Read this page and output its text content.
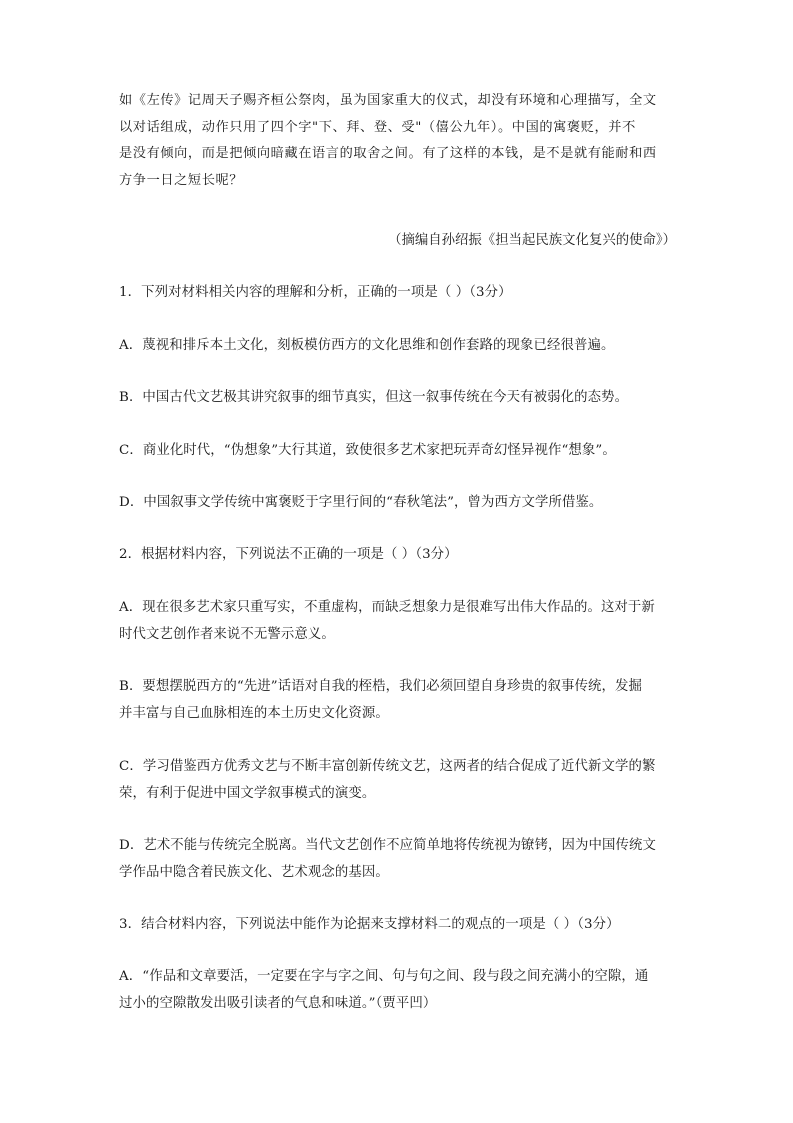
如《左传》记周天子赐齐桓公祭肉，虽为国家重大的仪式，却没有环境和心理描写，全文
以对话组成，动作只用了四个字"下、拜、登、受"（僖公九年）。中国的寓褒贬，并不
是没有倾向，而是把倾向暗藏在语言的取舍之间。有了这样的本钱，是不是就有能耐和西
方争一日之短长呢？

（摘编自孙绍振《担当起民族文化复兴的使命》）

1．下列对材料相关内容的理解和分析，正确的一项是（ ）（3分）

A．蔑视和排斥本土文化，刻板模仿西方的文化思维和创作套路的现象已经很普遍。

B．中国古代文艺极其讲究叙事的细节真实，但这一叙事传统在今天有被弱化的态势。

C．商业化时代，“伪想象”大行其道，致使很多艺术家把玩弄奇幻怪异视作“想象”。

D．中国叙事文学传统中寓褒贬于字里行间的“春秋笔法”，曾为西方文学所借鉴。

2．根据材料内容，下列说法不正确的一项是（ ）（3分）

A．现在很多艺术家只重写实，不重虚构，而缺乏想象力是很难写出伟大作品的。这对于新
时代文艺创作者来说不无警示意义。
B．要想摆脱西方的“先进”话语对自我的桎梏，我们必须回望自身珍贵的叙事传统，发掘
并丰富与自己血脉相连的本土历史文化资源。
C．学习借鉴西方优秀文艺与不断丰富创新传统文艺，这两者的结合促成了近代新文学的繁
荣，有利于促进中国文学叙事模式的演变。
D．艺术不能与传统完全脱离。当代文艺创作不应简单地将传统视为镣铐，因为中国传统文
学作品中隐含着民族文化、艺术观念的基因。

3．结合材料内容，下列说法中能作为论据来支撑材料二的观点的一项是（ ）（3分）

A．“作品和文章要活，一定要在字与字之间、句与句之间、段与段之间充满小的空隙，通
过小的空隙散发出吸引读者的气息和味道。”（贾平凹）
